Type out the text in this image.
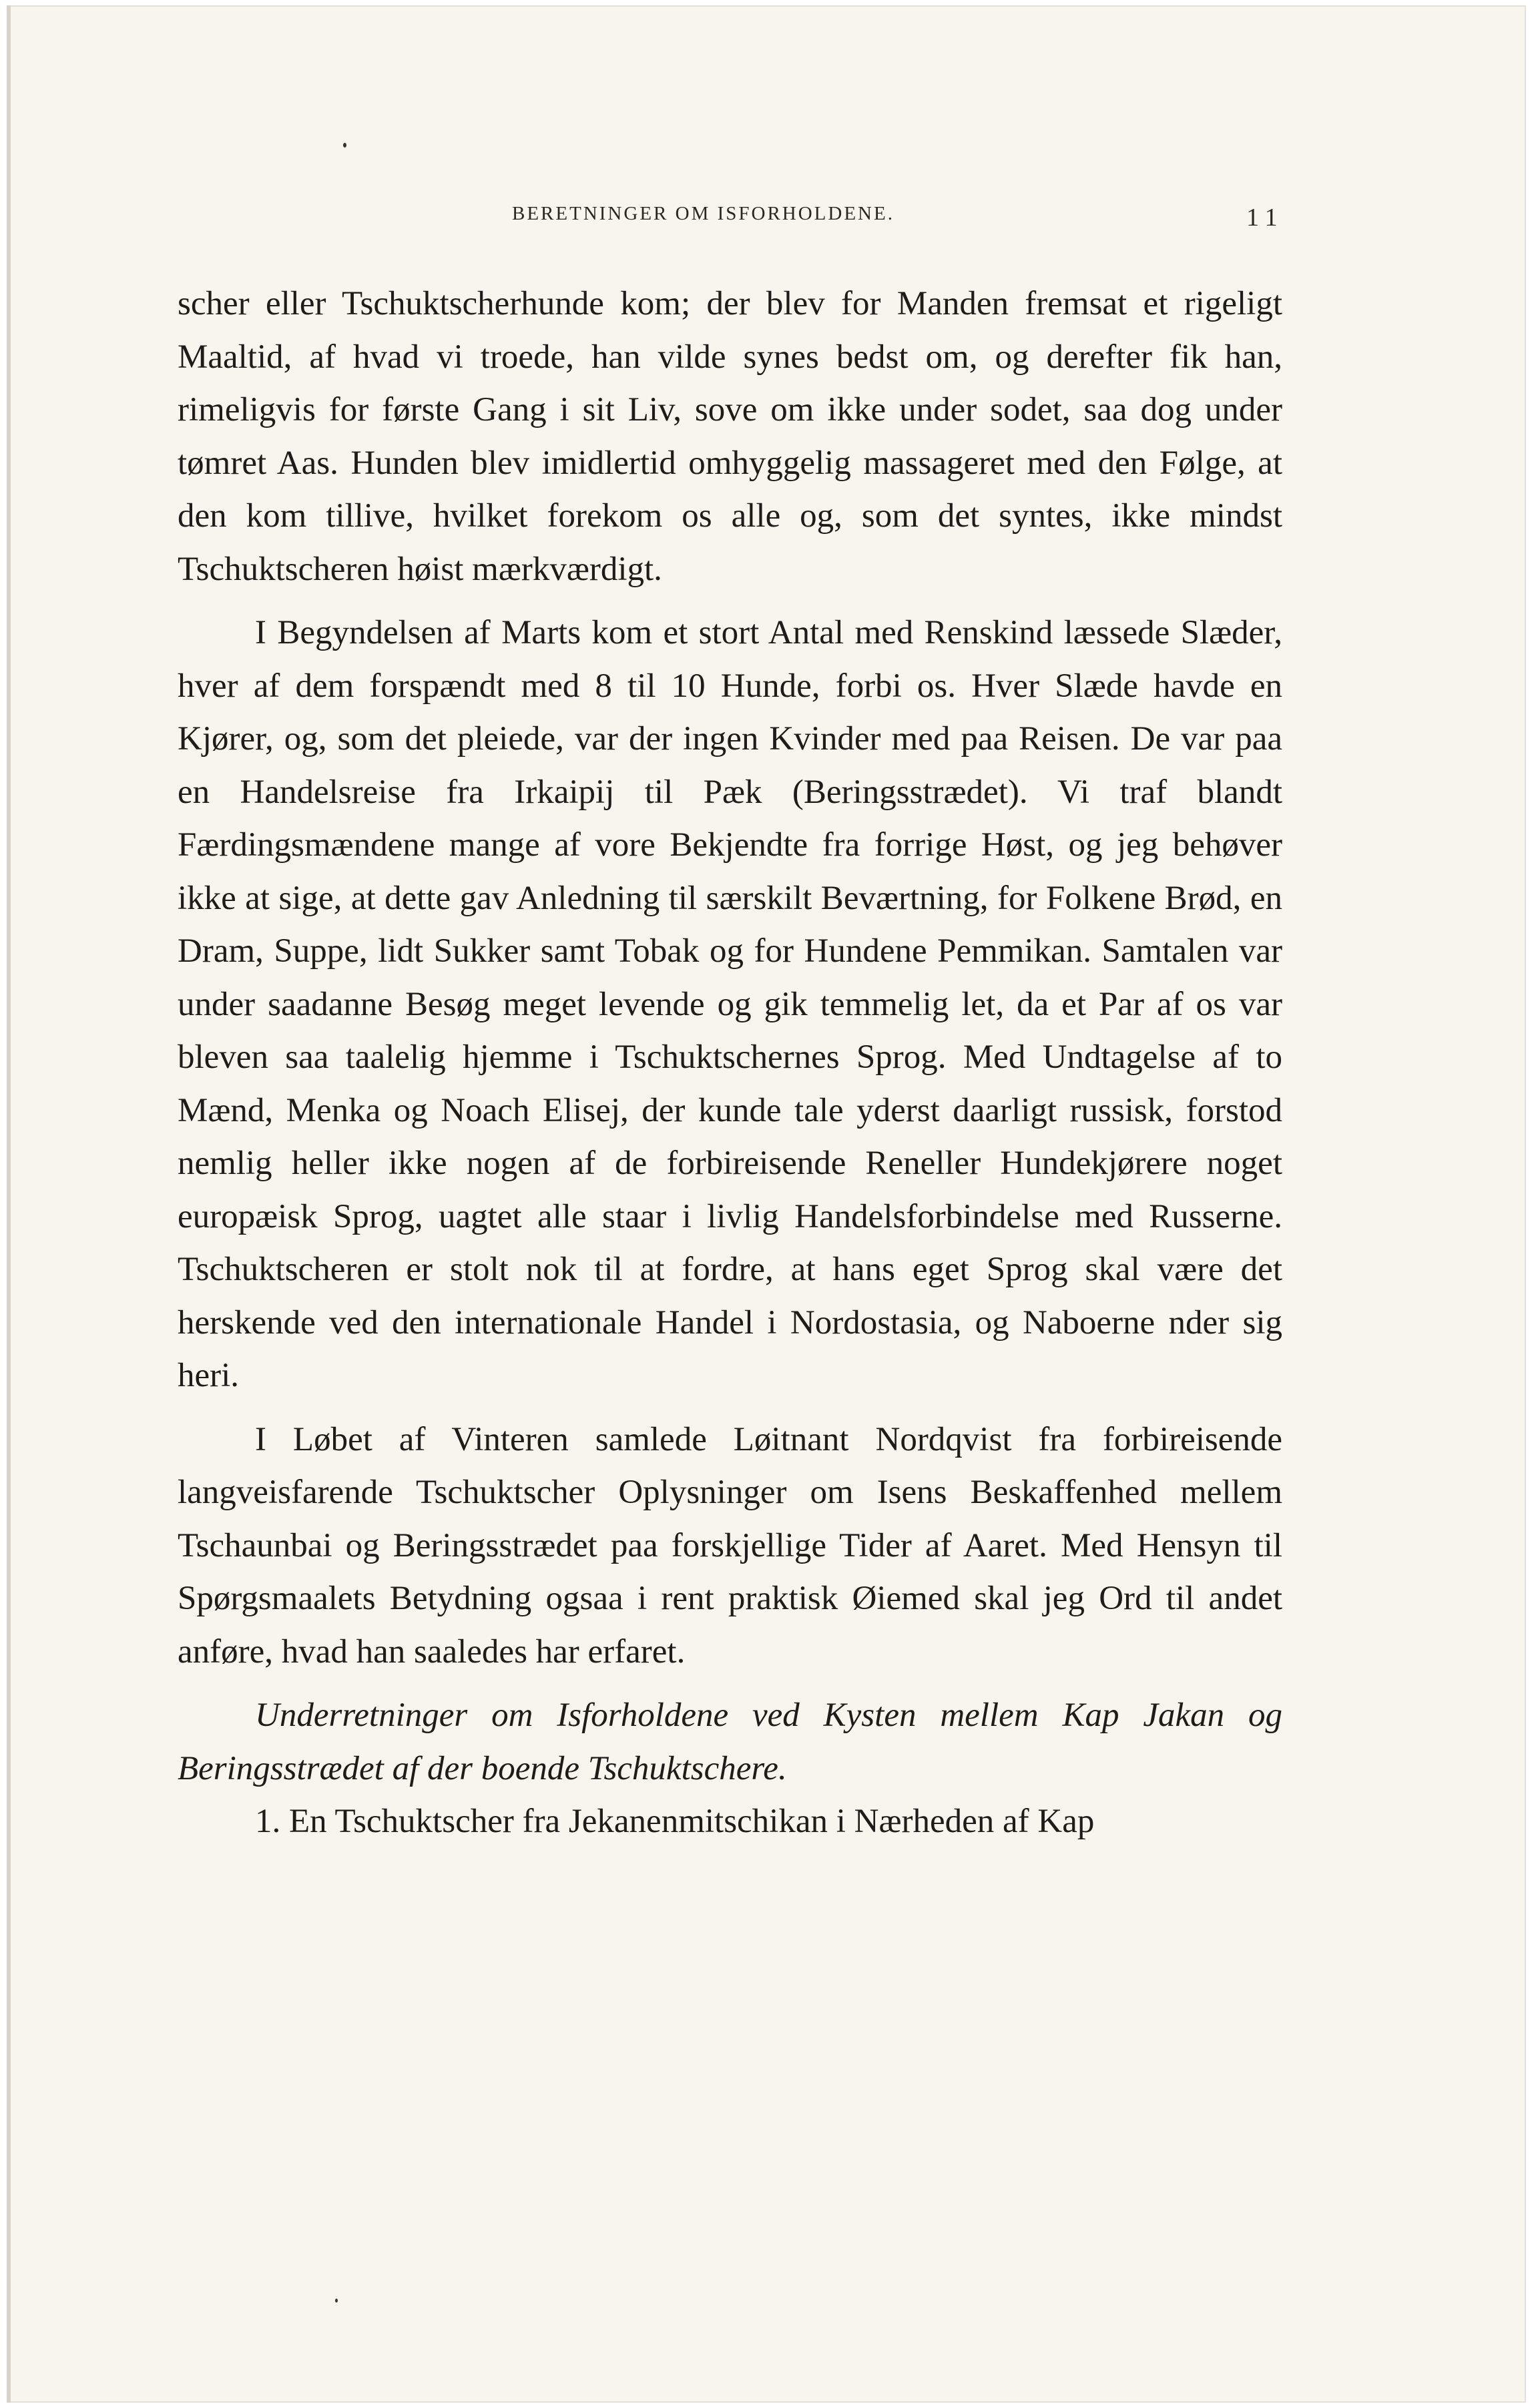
BERETNINGER OM ISFORHOLDENE.	11

scher eller Tschuktscherhunde kom; der blev for Manden fremsat et rigeligt Maaltid, af hvad vi troede, han vilde synes bedst om, og derefter fik han, rimeligvis for første Gang i sit Liv, sove om ikke under sodet, saa dog under tømret Aas. Hunden blev imidlertid omhyggelig massageret med den Følge, at den kom tillive, hvilket forekom os alle og, som det syntes, ikke mindst Tschuktscheren høist mærkværdigt.

I Begyndelsen af Marts kom et stort Antal med Renskind læssede Slæder, hver af dem forspændt med 8 til 10 Hunde, forbi os. Hver Slæde havde en Kjører, og, som det pleiede, var der ingen Kvinder med paa Reisen. De var paa en Handelsreise fra Irkaipij til Pæk (Beringsstrædet). Vi traf blandt Færdingsmændene mange af vore Bekjendte fra forrige Høst, og jeg behøver ikke at sige, at dette gav Anledning til særskilt Beværtning, for Folkene Brød, en Dram, Suppe, lidt Sukker samt Tobak og for Hundene Pemmikan. Samtalen var under saadanne Besøg meget levende og gik temmelig let, da et Par af os var bleven saa taalelig hjemme i Tschuktschernes Sprog. Med Undtagelse af to Mænd, Menka og Noach Elisej, der kunde tale yderst daarligt russisk, forstod nemlig heller ikke nogen af de forbireisende Reneller Hundekjørere noget europæisk Sprog, uagtet alle staar i livlig Handelsforbindelse med Russerne. Tschuktscheren er stolt nok til at fordre, at hans eget Sprog skal være det herskende ved den internationale Handel i Nordostasia, og Naboerne nder sig heri.

I Løbet af Vinteren samlede Løitnant Nordqvist fra forbireisende langveisfarende Tschuktscher Oplysninger om Isens Beskaffenhed mellem Tschaunbai og Beringsstrædet paa forskjellige Tider af Aaret. Med Hensyn til Spørgsmaalets Betydning ogsaa i rent praktisk Øiemed skal jeg Ord til andet anføre, hvad han saaledes har erfaret.

Underretninger om Isforholdene ved Kysten mellem Kap Jakan og Beringsstrædet af der boende Tschuktschere.

1. En Tschuktscher fra Jekanenmitschikan i Nærheden af Kap
